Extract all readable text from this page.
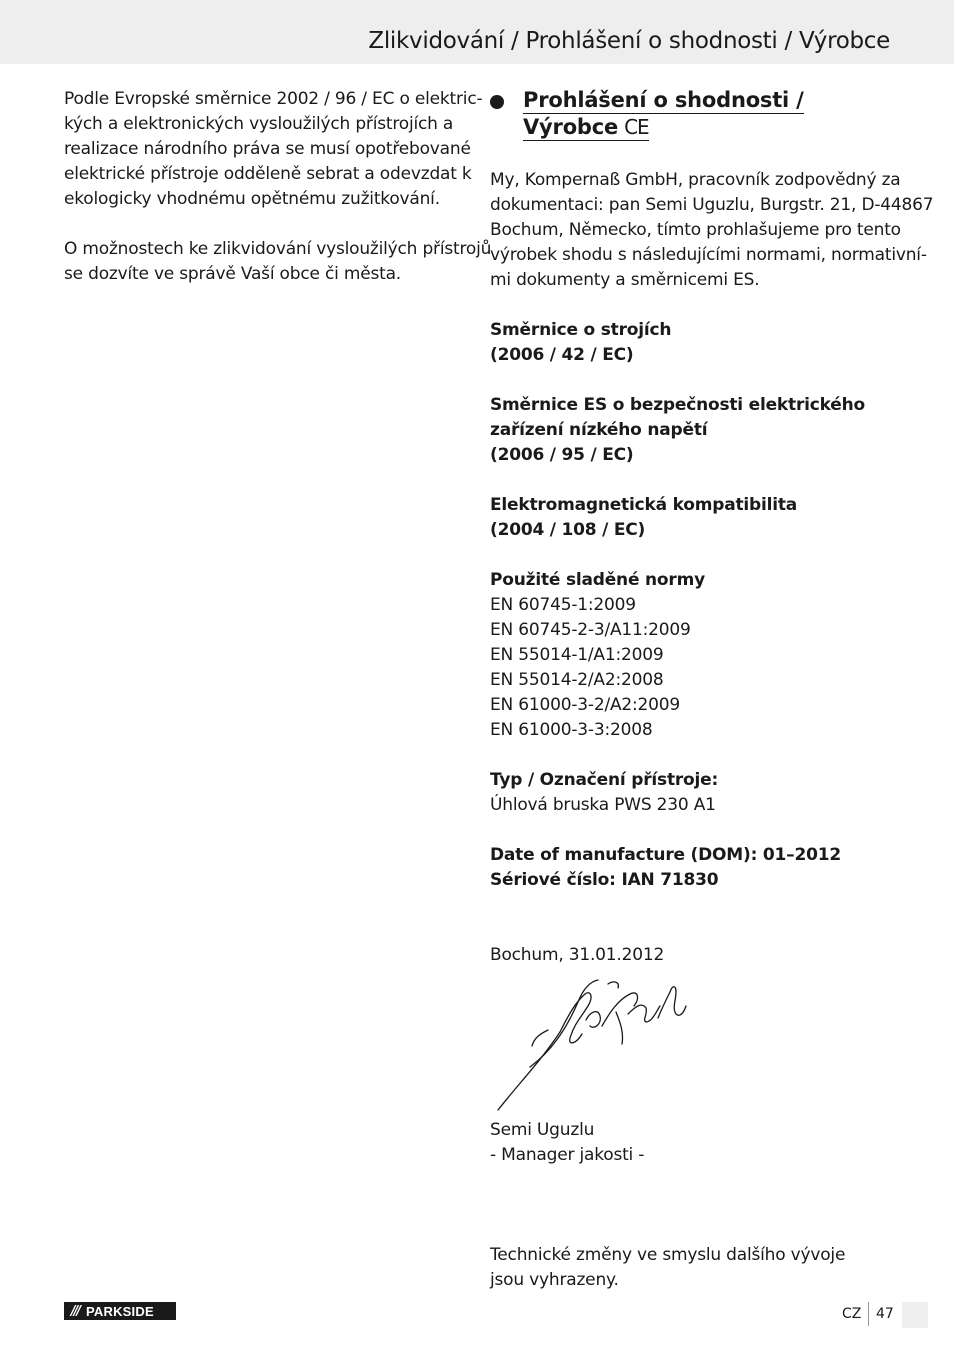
Zlikvidování / Prohlášení o shodnosti / Výrobce

Podle Evropské směrnice 2002 / 96 / EC o elektric-

kých a elektronických vysloužilých přístrojích a

realizace národního práva se musí opotřebované

elektrické přístroje odděleně sebrat a odevzdat k

ekologicky vhodnému opětnému zužitkování.

O možnostech ke zlikvidování vysloužilých přístrojů

se dozvíte ve správě Vaší obce či města.

Prohlášení o shodnosti /
Výrobce CE

My, Kompernaß GmbH, pracovník zodpovědný za

dokumentaci: pan Semi Uguzlu, Burgstr. 21, D-44867

Bochum, Německo, tímto prohlašujeme pro tento

výrobek shodu s následujícími normami, normativní-

mi dokumenty a směrnicemi ES.

Směrnice o strojích

(2006 / 42 / EC)

Směrnice ES o bezpečnosti elektrického

zařízení nízkého napětí

(2006 / 95 / EC)

Elektromagnetická kompatibilita

(2004 / 108 / EC)

Použité sladěné normy

EN 60745-1:2009

EN 60745-2-3/A11:2009

EN 55014-1/A1:2009

EN 55014-2/A2:2008

EN 61000-3-2/A2:2009

EN 61000-3-3:2008

Typ / Označení přístroje:

Úhlová bruska PWS 230 A1

Date of manufacture (DOM): 01–2012

Sériové číslo: IAN 71830

Bochum, 31.01.2012

Semi Uguzlu

- Manager jakosti -

Technické změny ve smyslu dalšího vývoje

jsou vyhrazeny.

/// PARKSIDE	CZ 47
